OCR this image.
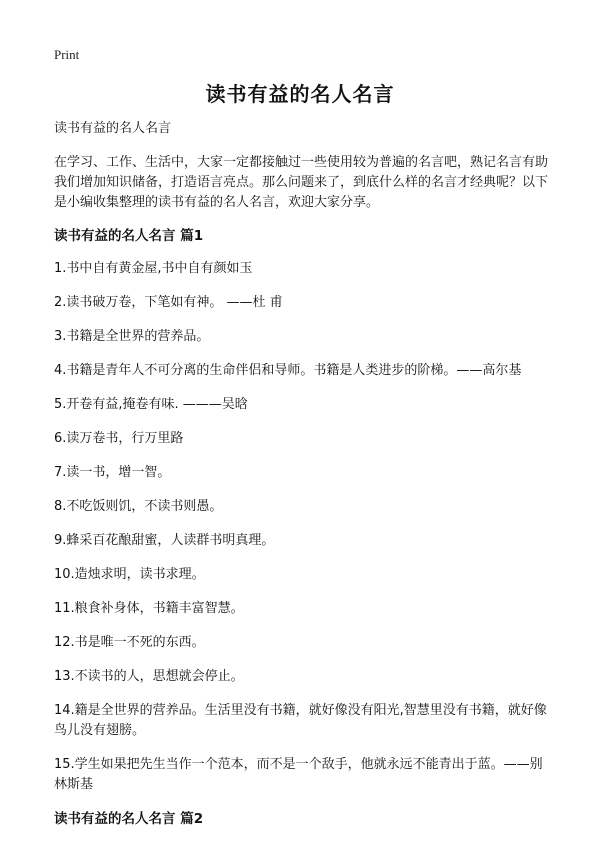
Print
读书有益的名人名言

读书有益的名人名言

在学习、工作、生活中，大家一定都接触过一些使用较为普遍的名言吧，熟记名言有助我们增加知识储备，打造语言亮点。那么问题来了，到底什么样的名言才经典呢？以下是小编收集整理的读书有益的名人名言，欢迎大家分享。

读书有益的名人名言 篇1

1.书中自有黄金屋,书中自有颜如玉

2.读书破万卷，下笔如有神。 ——杜 甫

3.书籍是全世界的营养品。

4.书籍是青年人不可分离的生命伴侣和导师。书籍是人类进步的阶梯。——高尔基

5.开卷有益,掩卷有味. ———吴晗

6.读万卷书，行万里路

7.读一书，增一智。

8.不吃饭则饥，不读书则愚。

9.蜂采百花酿甜蜜，人读群书明真理。

10.造烛求明，读书求理。

11.粮食补身体，书籍丰富智慧。

12.书是唯一不死的东西。

13.不读书的人，思想就会停止。

14.籍是全世界的营养品。生活里没有书籍，就好像没有阳光,智慧里没有书籍，就好像鸟儿没有翅膀。

15.学生如果把先生当作一个范本，而不是一个敌手，他就永远不能青出于蓝。——别林斯基

读书有益的名人名言 篇2
